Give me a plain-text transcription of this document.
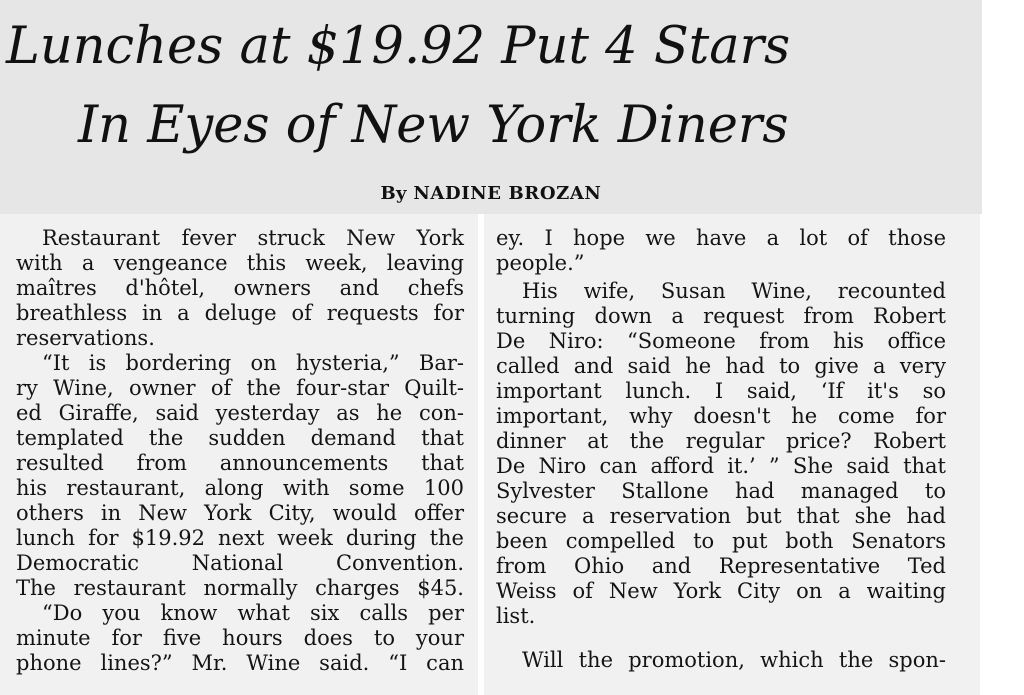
Lunches at $19.92 Put 4 Stars
In Eyes of New York Diners
By NADINE BROZAN
Restaurant fever struck New York
with a vengeance this week, leaving
maîtres d'hôtel, owners and chefs
breathless in a deluge of requests for
reservations.
“It is bordering on hysteria,” Bar-
ry Wine, owner of the four-star Quilt-
ed Giraffe, said yesterday as he con-
templated the sudden demand that
resulted from announcements that
his restaurant, along with some 100
others in New York City, would offer
lunch for $19.92 next week during the
Democratic National Convention.
The restaurant normally charges $45.
“Do you know what six calls per
minute for five hours does to your
phone lines?” Mr. Wine said. “I can
ey. I hope we have a lot of those
people.”
His wife, Susan Wine, recounted
turning down a request from Robert
De Niro: “Someone from his office
called and said he had to give a very
important lunch. I said, ‘If it's so
important, why doesn't he come for
dinner at the regular price? Robert
De Niro can afford it.’ ” She said that
Sylvester Stallone had managed to
secure a reservation but that she had
been compelled to put both Senators
from Ohio and Representative Ted
Weiss of New York City on a waiting
list.
Will the promotion, which the spon-
